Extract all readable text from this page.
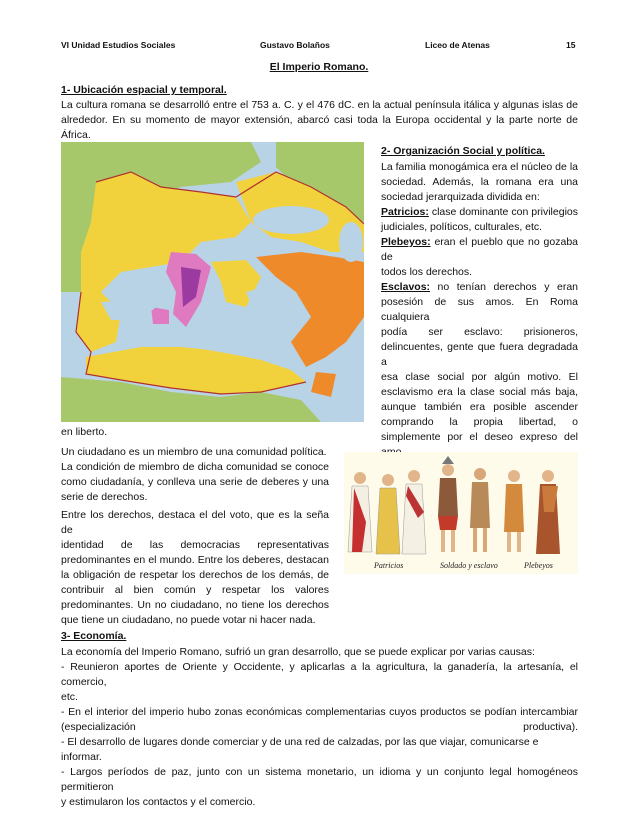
VI Unidad Estudios Sociales	Gustavo Bolaños	Liceo de Atenas	15
El Imperio Romano.
1- Ubicación espacial y temporal.
La cultura romana se desarrolló entre el 753 a. C. y el 476 dC. en la actual península itálica y algunas islas de
alrededor. En su momento de mayor extensión, abarcó casi toda la Europa occidental y la parte norte de África.
2- Organización Social y política.
La familia monogámica era el núcleo de la
sociedad. Además, la romana era una
sociedad jerarquizada dividida en:
Patricios: clase dominante con privilegios
judiciales, políticos, culturales, etc.
Plebeyos: eran el pueblo que no gozaba de
todos los derechos.
Esclavos: no tenían derechos y eran
posesión de sus amos. En Roma cualquiera
podía ser esclavo: prisioneros,
delincuentes, gente que fuera degradada a
esa clase social por algún motivo. El
esclavismo era la clase social más baja,
aunque también era posible ascender
comprando la propia libertad, o
simplemente por el deseo expreso del
en liberto.
Un ciudadano es un miembro de una comunidad política.
La condición de miembro de dicha comunidad se conoce
como ciudadanía, y conlleva una serie de deberes y una
serie de derechos.
Entre los derechos, destaca el del voto, que es la seña de
identidad de las democracias representativas
predominantes en el mundo. Entre los deberes, destacan
la obligación de respetar los derechos de los demás, de
contribuir al bien común y respetar los valores
predominantes. Un no ciudadano, no tiene los derechos
que tiene un ciudadano, no puede votar ni hacer nada.
Patricios	Soldado y esclavo	Plebeyos
3- Economía.
La economía del Imperio Romano, sufrió un gran desarrollo, que se puede explicar por varias causas:
- Reunieron aportes de Oriente y Occidente, y aplicarlas a la agricultura, la ganadería, la artesanía, el comercio,
etc.
- En el interior del imperio hubo zonas económicas complementarias cuyos productos se podían intercambiar
(especialización	productiva).
- El desarrollo de lugares donde comerciar y de una red de calzadas, por las que viajar, comunicarse e informar.
- Largos períodos de paz, junto con un sistema monetario, un idioma y un conjunto legal homogéneos permitieron
y estimularon los contactos y el comercio.
